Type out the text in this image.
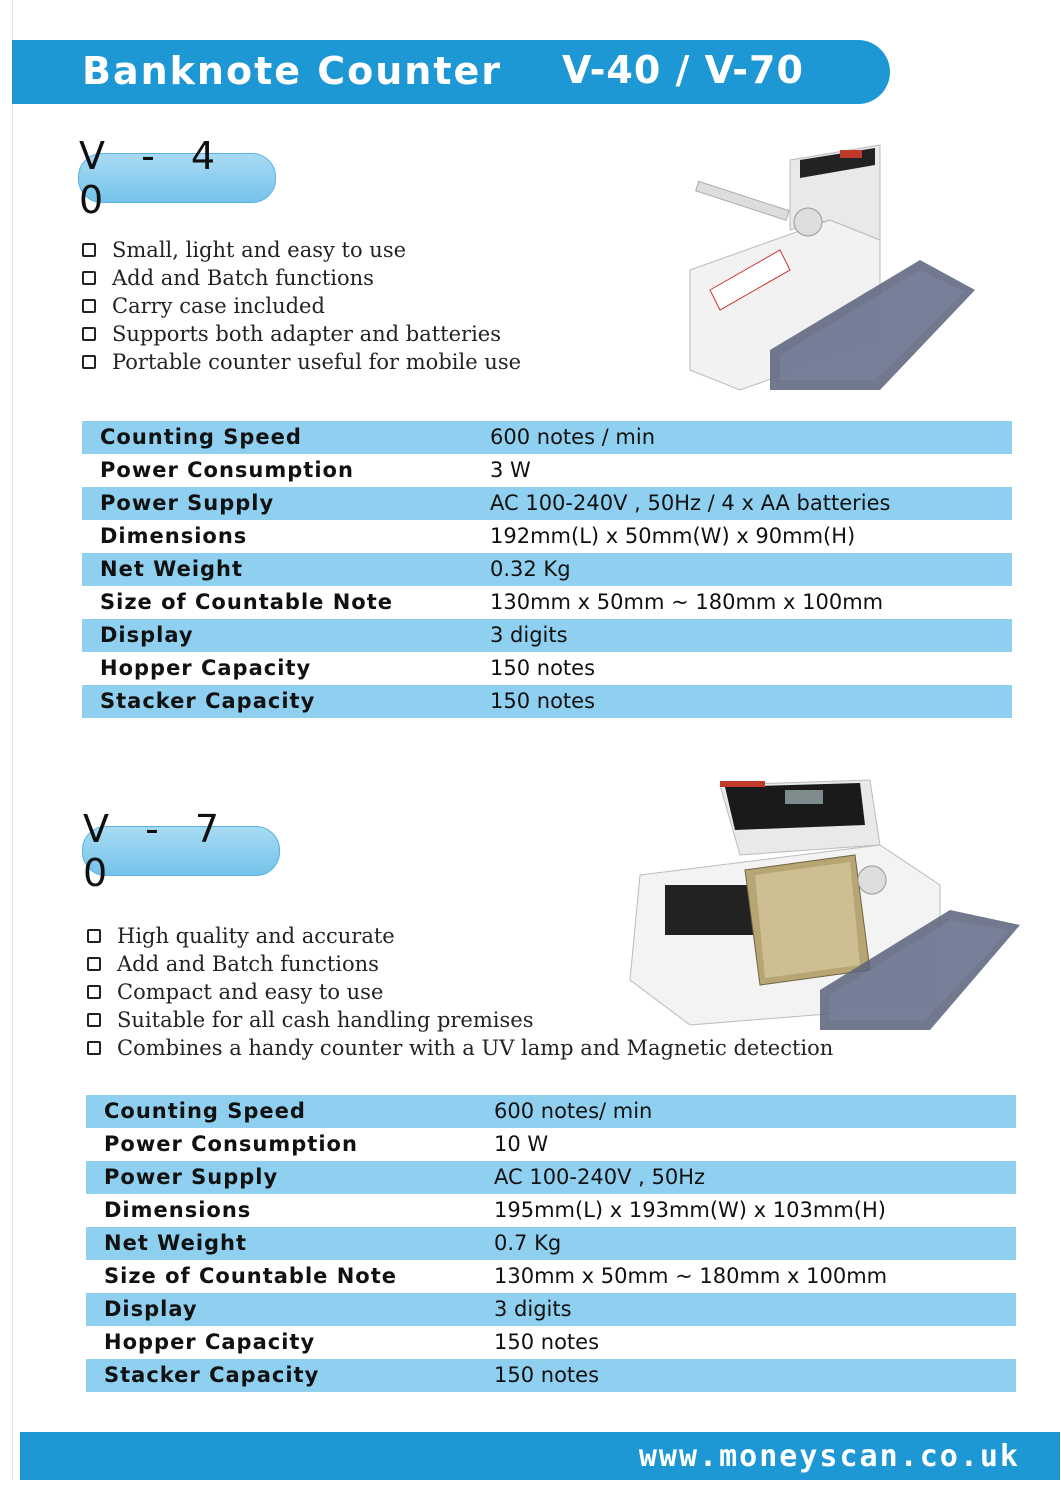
Banknote Counter V-40 / V-70
V - 4 0
Small, light and easy to use
Add and Batch functions
Carry case included
Supports both adapter and batteries
Portable counter useful for mobile use
Counting Speed	600 notes / min
Power Consumption	3 W
Power Supply	AC 100-240V , 50Hz / 4 x AA batteries
Dimensions	192mm(L) x 50mm(W) x 90mm(H)
Net Weight	0.32 Kg
Size of Countable Note	130mm x 50mm ~ 180mm x 100mm
Display	3 digits
Hopper Capacity	150 notes
Stacker Capacity	150 notes
V - 7 0
High quality and accurate
Add and Batch functions
Compact and easy to use
Suitable for all cash handling premises
Combines a handy counter with a UV lamp and Magnetic detection
Counting Speed	600 notes/ min
Power Consumption	10 W
Power Supply	AC 100-240V , 50Hz
Dimensions	195mm(L) x 193mm(W) x 103mm(H)
Net Weight	0.7 Kg
Size of Countable Note	130mm x 50mm ~ 180mm x 100mm
Display	3 digits
Hopper Capacity	150 notes
Stacker Capacity	150 notes
www.moneyscan.co.uk
